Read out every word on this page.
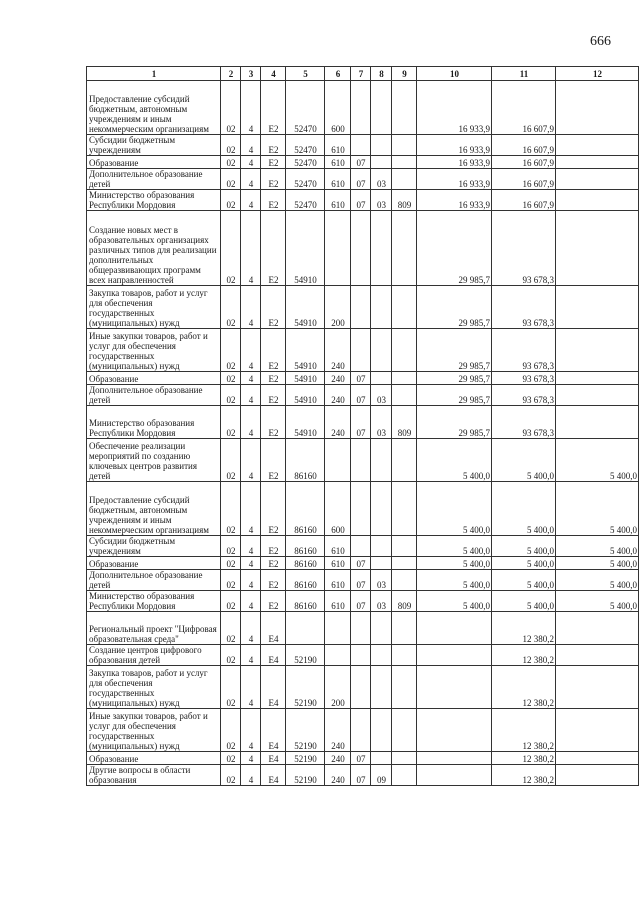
666
1	2	3	4	5	6	7	8	9	10	11	12
Предоставление субсидий бюджетным, автономным учреждениям и иным некоммерческим организациям	02	4	E2	52470	600				16 933,9	16 607,9	
Субсидии бюджетным учреждениям	02	4	E2	52470	610				16 933,9	16 607,9	
Образование	02	4	E2	52470	610	07			16 933,9	16 607,9	
Дополнительное образование детей	02	4	E2	52470	610	07	03		16 933,9	16 607,9	
Министерство образования Республики Мордовия	02	4	E2	52470	610	07	03	809	16 933,9	16 607,9	
Создание новых мест в образовательных организациях различных типов для реализации дополнительных общеразвивающих программ всех направленностей	02	4	E2	54910					29 985,7	93 678,3	
Закупка товаров, работ и услуг для обеспечения государственных (муниципальных) нужд	02	4	E2	54910	200				29 985,7	93 678,3	
Иные закупки товаров, работ и услуг для обеспечения государственных (муниципальных) нужд	02	4	E2	54910	240				29 985,7	93 678,3	
Образование	02	4	E2	54910	240	07			29 985,7	93 678,3	
Дополнительное образование детей	02	4	E2	54910	240	07	03		29 985,7	93 678,3	
Министерство образования Республики Мордовия	02	4	E2	54910	240	07	03	809	29 985,7	93 678,3	
Обеспечение реализации мероприятий по созданию ключевых центров развития детей	02	4	E2	86160					5 400,0	5 400,0	5 400,0
Предоставление субсидий бюджетным, автономным учреждениям и иным некоммерческим организациям	02	4	E2	86160	600				5 400,0	5 400,0	5 400,0
Субсидии бюджетным учреждениям	02	4	E2	86160	610				5 400,0	5 400,0	5 400,0
Образование	02	4	E2	86160	610	07			5 400,0	5 400,0	5 400,0
Дополнительное образование детей	02	4	E2	86160	610	07	03		5 400,0	5 400,0	5 400,0
Министерство образования Республики Мордовия	02	4	E2	86160	610	07	03	809	5 400,0	5 400,0	5 400,0
Региональный проект "Цифровая образовательная среда"	02	4	E4							12 380,2	
Создание центров цифрового образования детей	02	4	E4	52190						12 380,2	
Закупка товаров, работ и услуг для обеспечения государственных (муниципальных) нужд	02	4	E4	52190	200					12 380,2	
Иные закупки товаров, работ и услуг для обеспечения государственных (муниципальных) нужд	02	4	E4	52190	240					12 380,2	
Образование	02	4	E4	52190	240	07				12 380,2	
Другие вопросы в области образования	02	4	E4	52190	240	07	09			12 380,2	
